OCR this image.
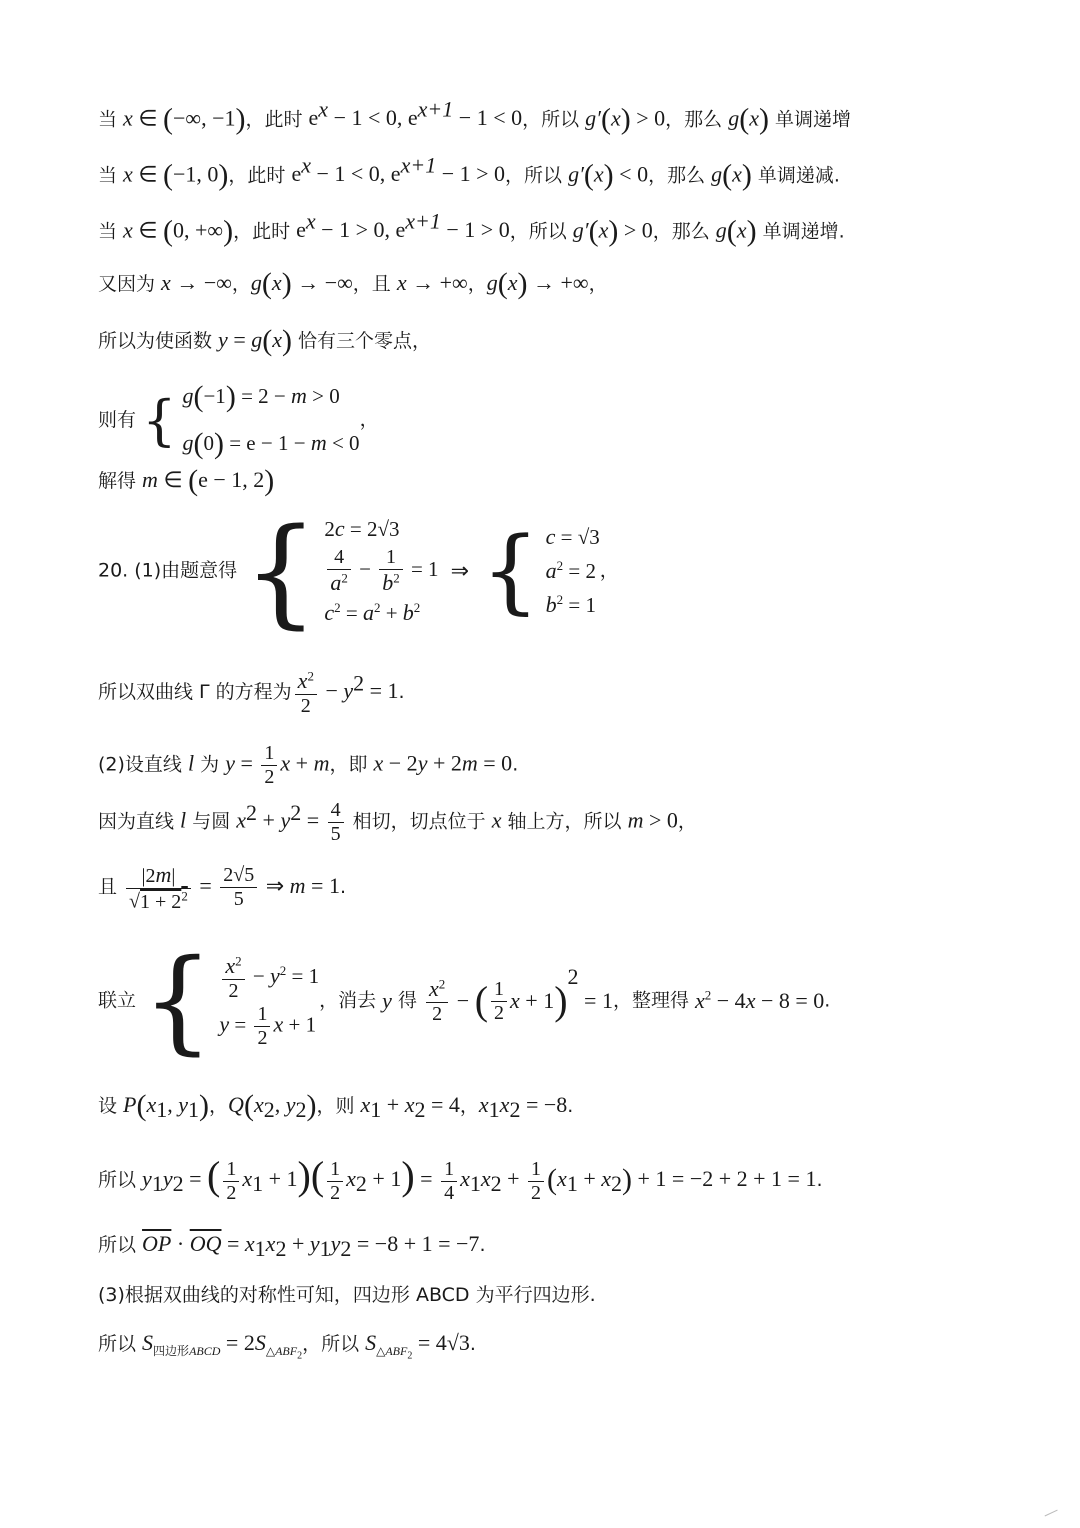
当 x ∈ (−∞, −1)，此时 $e^x - 1 < 0$, $e^{x+1} - 1 < 0$，所以 g′(x) > 0，那么 g(x) 单调递增
当 x ∈ (−1, 0)，此时 $e^x - 1 < 0$, $e^{x+1} - 1 > 0$，所以 g′(x) < 0，那么 g(x) 单调递减.
当 x ∈ (0, +∞)，此时 $e^x - 1 > 0$, $e^{x+1} - 1 > 0$，所以 g′(x) > 0，那么 g(x) 单调递增.
又因为 x → −∞，g(x) → −∞，且 x → +∞，g(x) → +∞，
所以为使函数 y = g(x) 恰有三个零点，
则有 { g(−1) = 2 − m > 0
g(0) = e − 1 − m < 0
，
解得 m ∈ (e − 1, 2)
20. (1)由题意得 { 2c = 2√3
$\frac{4}{a^2} - \frac{1}{b^2} = 1$
$c^2 = a^2 + b^2$
⇒ { c = √3
$a^2 = 2$
$b^2 = 1$
，
所以双曲线 Γ 的方程为 $\frac{x^2}{2} - y^2 = 1$.
(2)设直线 l 为 $y = \frac{1}{2}$ x + m，即 x − 2y + 2m = 0.
因为直线 l 与圆 $x^2 + y^2 = \frac{4}{5}$ 相切，切点位于 x 轴上方，所以 m > 0，
且 $\frac{|2m|}{√1 + 2^2} = \frac{2√5}{5}$ ⇒ m = 1.
联立 { $\frac{x^2}{2} - y^2 = 1$
$y = \frac{1}{2}$ x + 1
，消去 y 得 $\frac{x^2}{2}$ − ( $\frac{1}{2}$ x + 1)$^2$ = 1，整理得 $x^2 - 4x - 8 = 0$.
设 $P(x_1$, $y_1$)，$Q(x_2$, $y_2$)，则 $x_1 + x_2 = 4$，$x_1x_2 = -8$.
所以 $y_1y_2$ = ( $\frac{1}{2} x_1 + 1)( \frac{1}{2} x_2 + 1) = \frac{1}{4} x_1x_2 + \frac{1}{2} (x_1 + x_2) + 1 = -2 + 2 + 1 = 1$.
所以 $\overline{OP} \cdot \overline{OQ} = x_1x_2 + y_1y_2 = -8 + 1 = -7$.
(3)根据双曲线的对称性可知，四边形 ABCD 为平行四边形.
所以 $S_{四边形ABCD} = 2S_{\triangle ABF_2}$，所以 $S_{\triangle ABF_2} = 4√3$.
